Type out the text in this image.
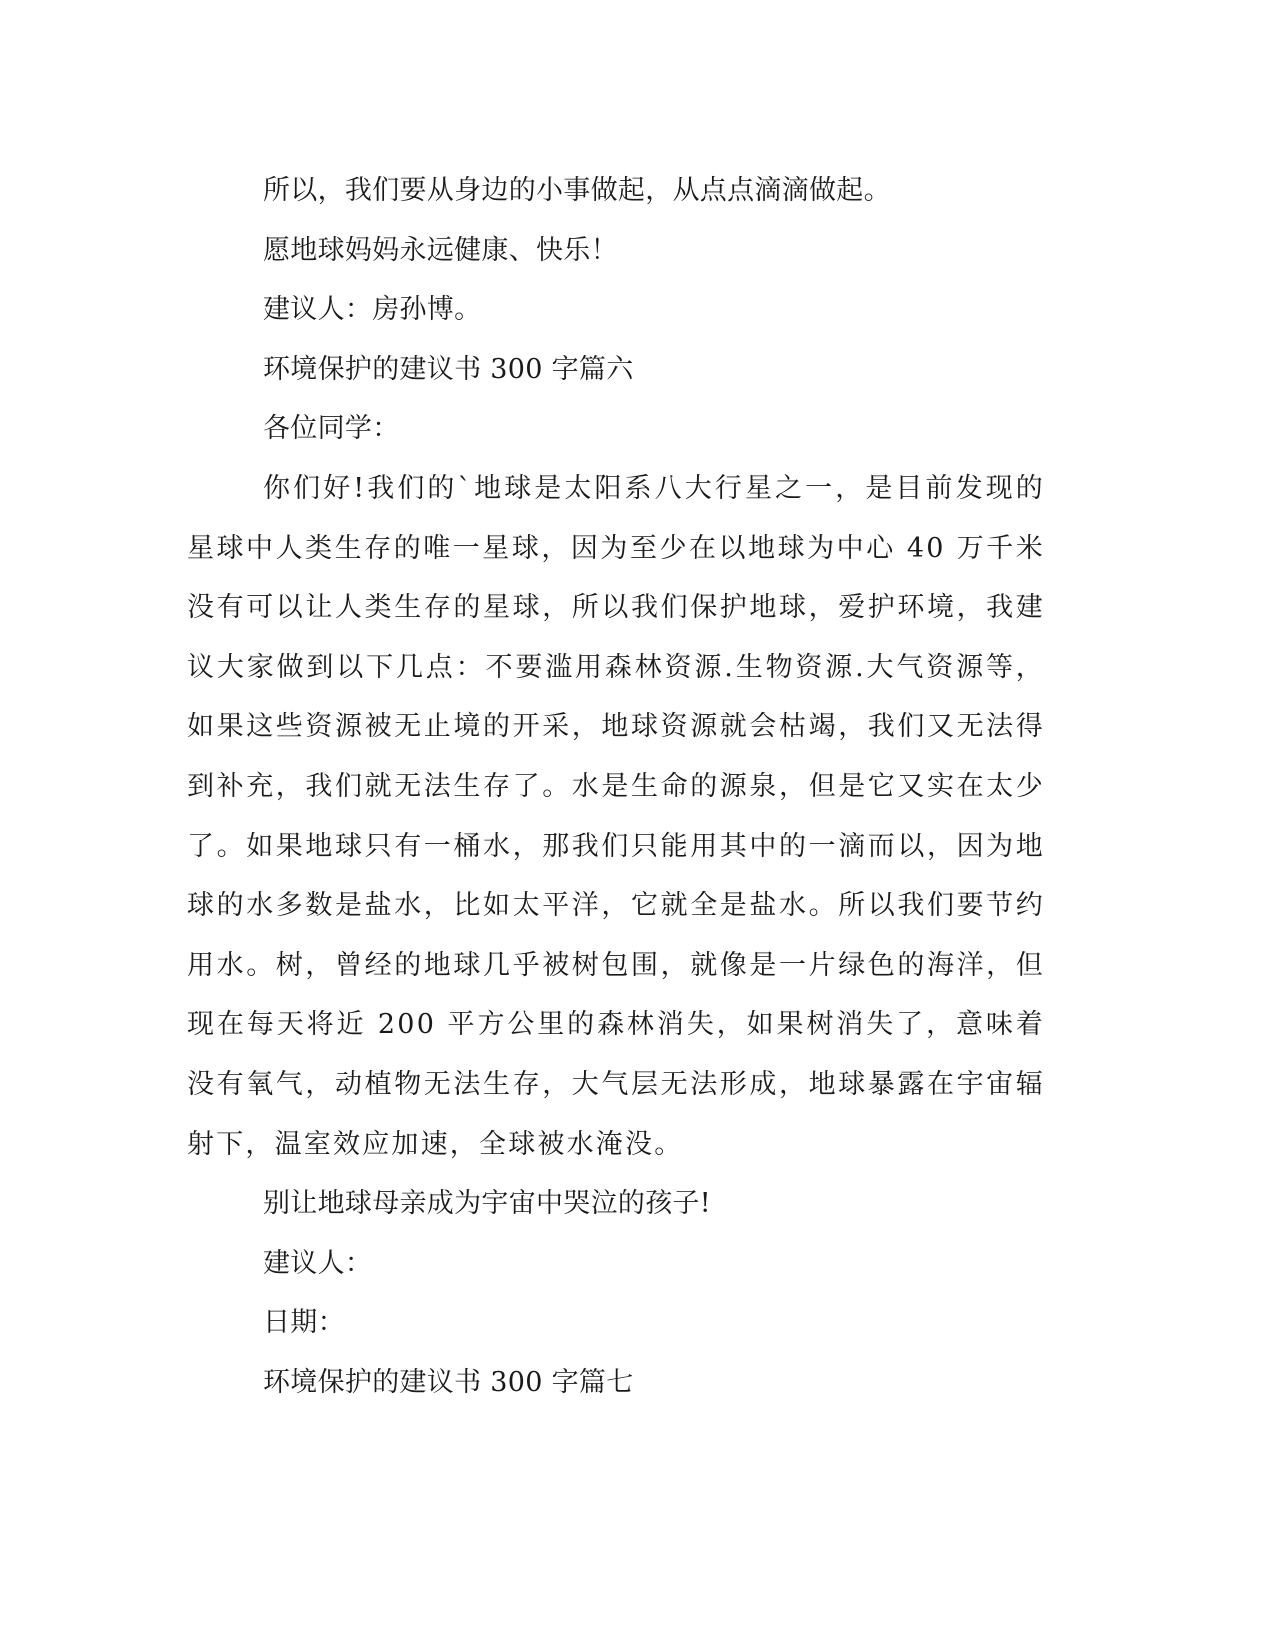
所以，我们要从身边的小事做起，从点点滴滴做起。

愿地球妈妈永远健康、快乐！

建议人：房孙博。

环境保护的建议书 300 字篇六

各位同学：

你们好!我们的`地球是太阳系八大行星之一，是目前发现的星球中人类生存的唯一星球，因为至少在以地球为中心 40 万千米没有可以让人类生存的星球，所以我们保护地球，爱护环境，我建议大家做到以下几点：不要滥用森林资源.生物资源.大气资源等，如果这些资源被无止境的开采，地球资源就会枯竭，我们又无法得到补充，我们就无法生存了。水是生命的源泉，但是它又实在太少了。如果地球只有一桶水，那我们只能用其中的一滴而以，因为地球的水多数是盐水，比如太平洋，它就全是盐水。所以我们要节约用水。树，曾经的地球几乎被树包围，就像是一片绿色的海洋，但现在每天将近 200 平方公里的森林消失，如果树消失了，意味着没有氧气，动植物无法生存，大气层无法形成，地球暴露在宇宙辐射下，温室效应加速，全球被水淹没。

别让地球母亲成为宇宙中哭泣的孩子!

建议人：

日期：

环境保护的建议书 300 字篇七
